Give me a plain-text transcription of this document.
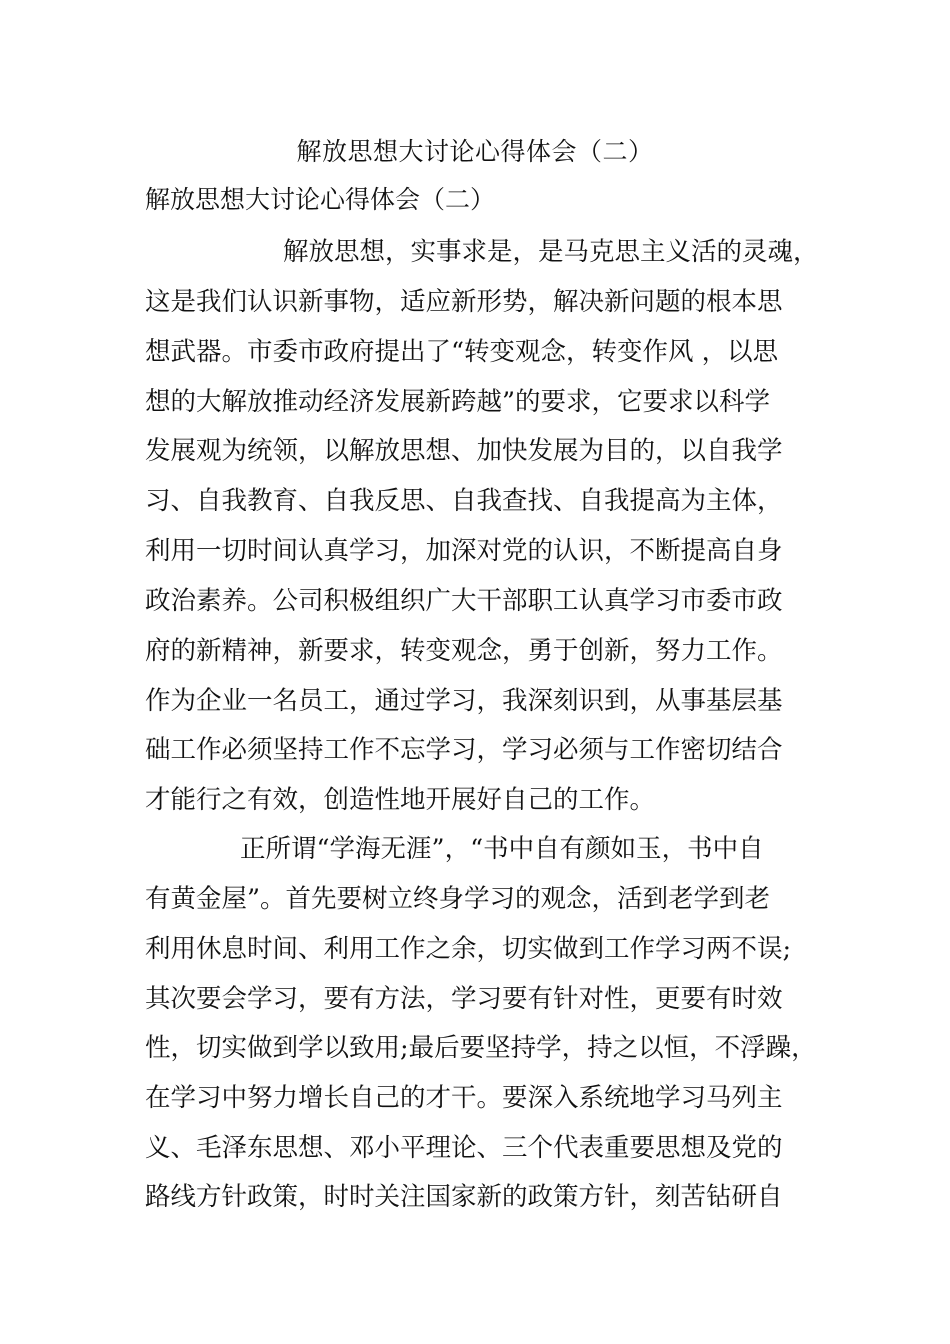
解放思想大讨论心得体会（二）
解放思想大讨论心得体会（二）

解放思想，实事求是，是马克思主义活的灵魂，

这是我们认识新事物，适应新形势，解决新问题的根本思

想武器。市委市政府提出了“转变观念，转变作风 ，以思

想的大解放推动经济发展新跨越”的要求，它要求以科学

发展观为统领，以解放思想、加快发展为目的，以自我学

习、自我教育、自我反思、自我查找、自我提高为主体，

利用一切时间认真学习，加深对党的认识，不断提高自身

政治素养。公司积极组织广大干部职工认真学习市委市政

府的新精神，新要求，转变观念，勇于创新，努力工作。

作为企业一名员工，通过学习，我深刻识到，从事基层基

础工作必须坚持工作不忘学习，学习必须与工作密切结合

才能行之有效，创造性地开展好自己的工作。

正所谓“学海无涯”，“书中自有颜如玉，书中自

有黄金屋”。首先要树立终身学习的观念，活到老学到老

利用休息时间、利用工作之余，切实做到工作学习两不误;

其次要会学习，要有方法，学习要有针对性，更要有时效

性，切实做到学以致用;最后要坚持学，持之以恒，不浮躁，

在学习中努力增长自己的才干。要深入系统地学习马列主

义、毛泽东思想、邓小平理论、三个代表重要思想及党的

路线方针政策，时时关注国家新的政策方针，刻苦钻研自
